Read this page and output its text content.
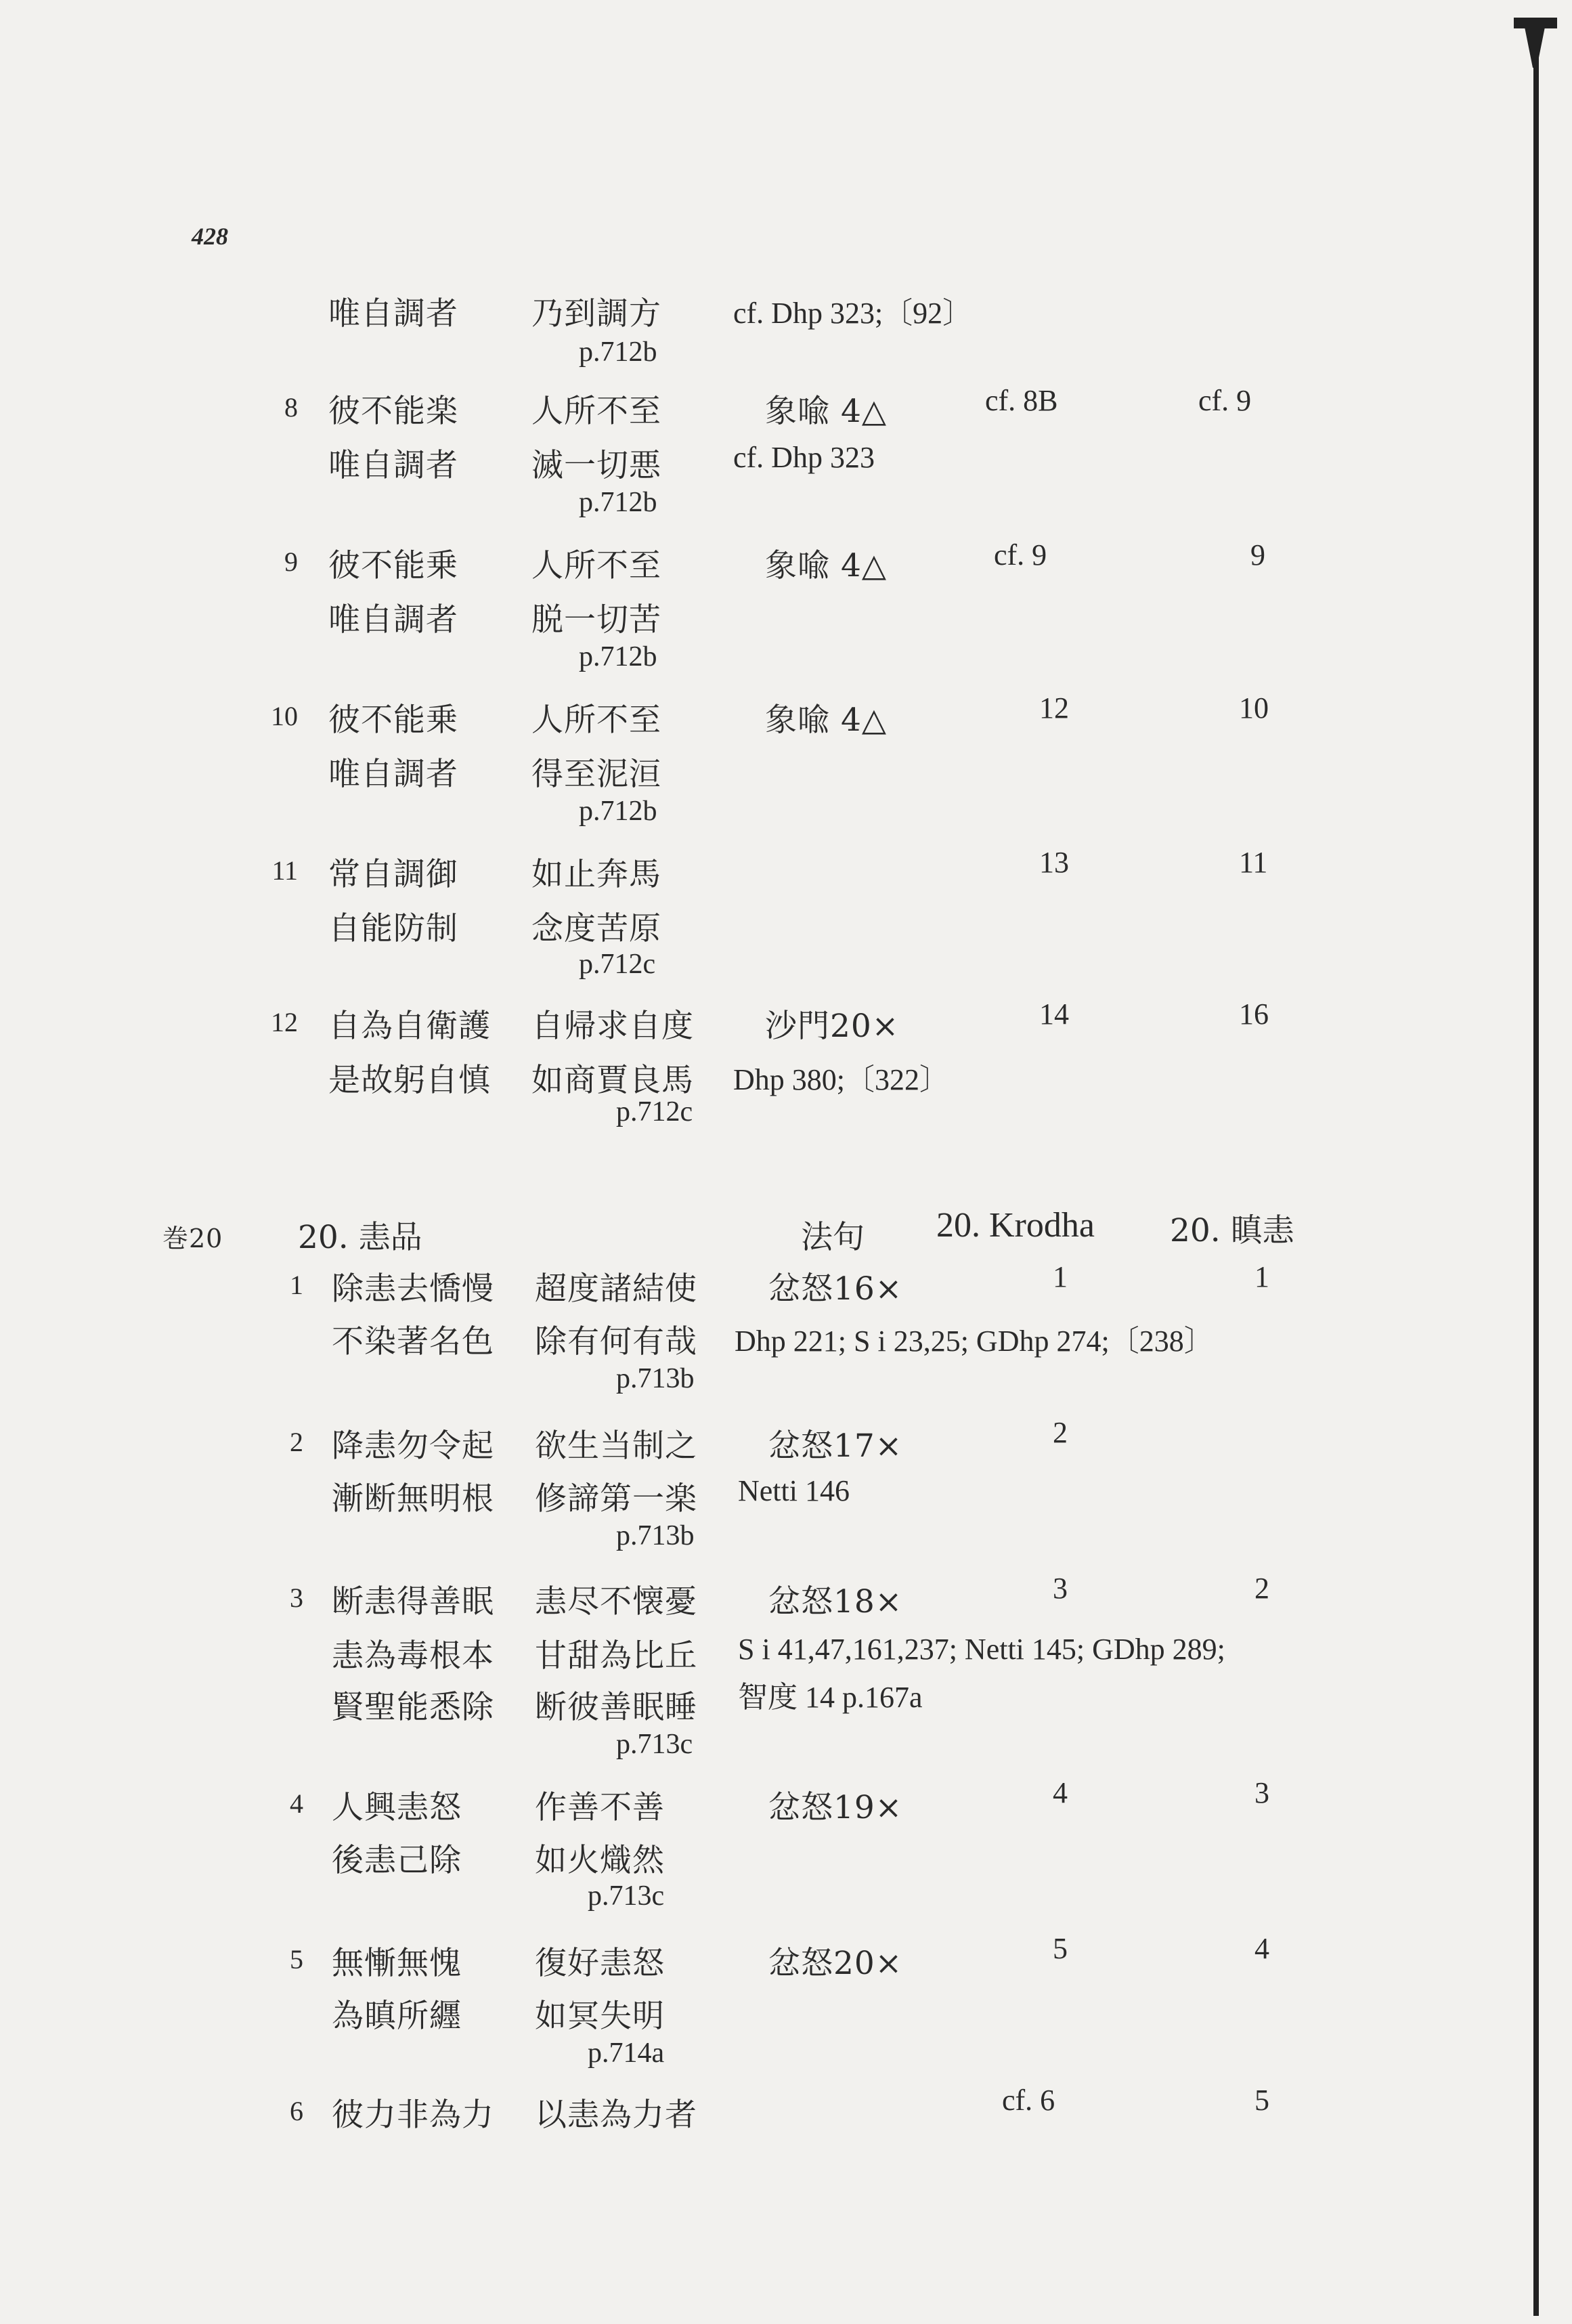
428
唯自調者 乃到調方 cf. Dhp 323;〔92〕
p.712b
8 彼不能楽 人所不至	象喩 4△	cf. 8B	cf. 9
唯自調者 滅一切悪 cf. Dhp 323
p.712b
9 彼不能乗 人所不至	象喩 4△	cf. 9	9
唯自調者 脱一切苦
p.712b
10 彼不能乗 人所不至	象喩 4△	12	10
唯自調者 得至泥洹
p.712b
11 常自調御 如止奔馬	13	11
自能防制 念度苦原
p.712c
12 自為自衛護 自帰求自度 沙門20×	14	16
是故躬自慎 如商賈良馬 Dhp 380;〔322〕
p.712c
巻20 20. 恚品	法句 20. Krodha 20. 瞋恚
1 除恚去憍慢 超度諸結使 忿怒16×	1	1
不染著名色 除有何有哉 Dhp 221; S i 23,25; GDhp 274;〔238〕
p.713b
2 降恚勿令起 欲生当制之 忿怒17×	2
漸断無明根 修諦第一楽 Netti 146
p.713b
3 断恚得善眠 恚尽不懐憂 忿怒18×	3	2
恚為毒根本 甘甜為比丘 S i 41,47,161,237; Netti 145; GDhp 289;
賢聖能悉除 断彼善眠睡 智度 14 p.167a
p.713c
4 人興恚怒 作善不善	忿怒19×	4	3
後恚己除 如火熾然
p.713c
5 無慚無愧 復好恚怒	忿怒20×	5	4
為瞋所纒 如冥失明
p.714a
6 彼力非為力 以恚為力者	cf. 6	5
